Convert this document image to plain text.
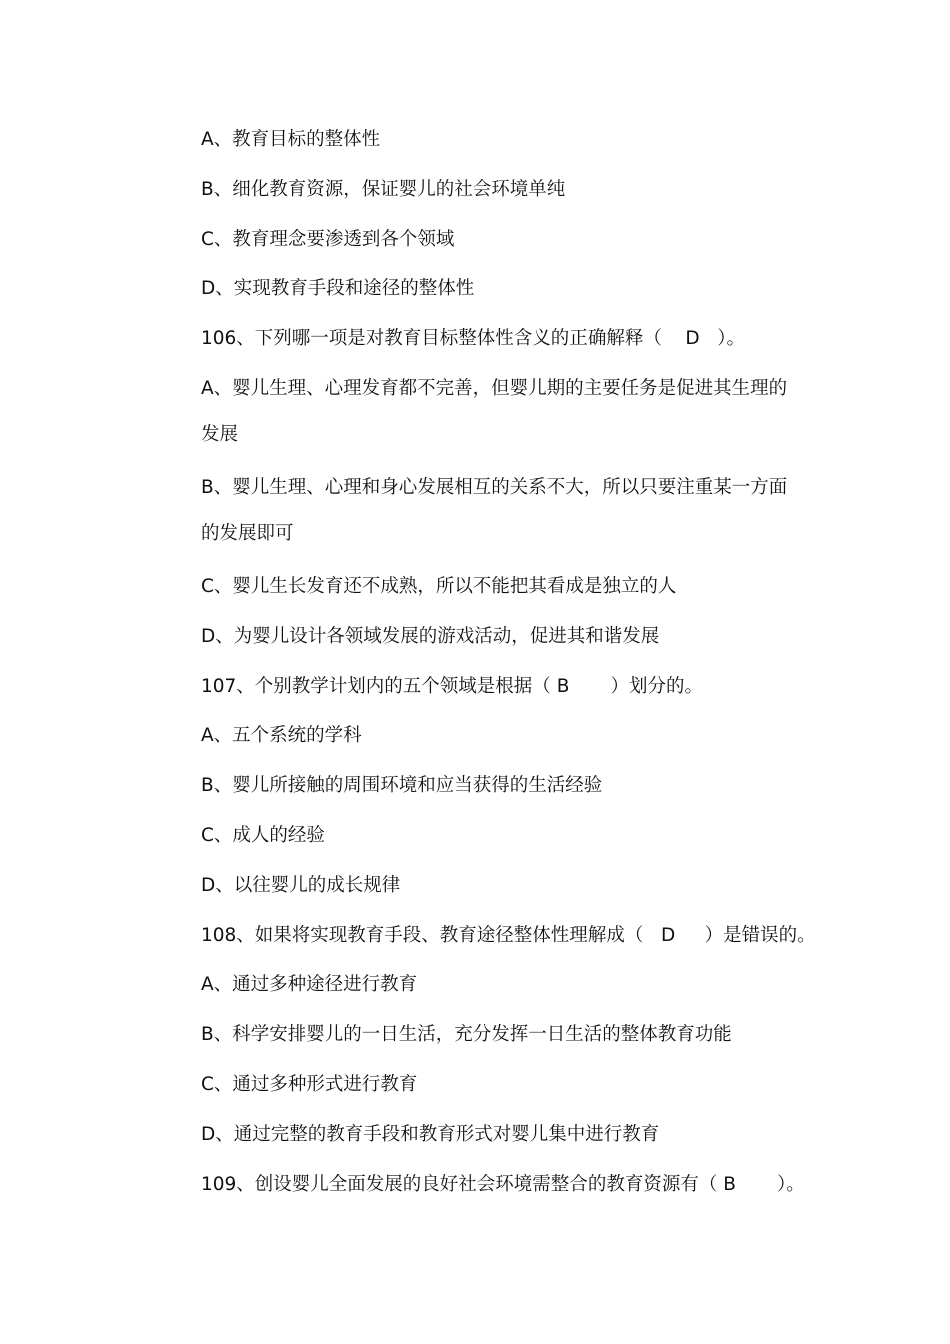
A、教育目标的整体性
B、细化教育资源，保证婴儿的社会环境单纯
C、教育理念要渗透到各个领域
D、实现教育手段和途径的整体性
106、下列哪一项是对教育目标整体性含义的正确解释（    D   ）。
A、婴儿生理、心理发育都不完善，但婴儿期的主要任务是促进其生理的
发展
B、婴儿生理、心理和身心发展相互的关系不大，所以只要注重某一方面
的发展即可
C、婴儿生长发育还不成熟，所以不能把其看成是独立的人
D、为婴儿设计各领域发展的游戏活动，促进其和谐发展
107、个别教学计划内的五个领域是根据（ B       ）划分的。
A、五个系统的学科
B、婴儿所接触的周围环境和应当获得的生活经验
C、成人的经验
D、以往婴儿的成长规律
108、如果将实现教育手段、教育途径整体性理解成（   D     ）是错误的。
A、通过多种途径进行教育
B、科学安排婴儿的一日生活，充分发挥一日生活的整体教育功能
C、通过多种形式进行教育
D、通过完整的教育手段和教育形式对婴儿集中进行教育
109、创设婴儿全面发展的良好社会环境需整合的教育资源有（ B       ）。
